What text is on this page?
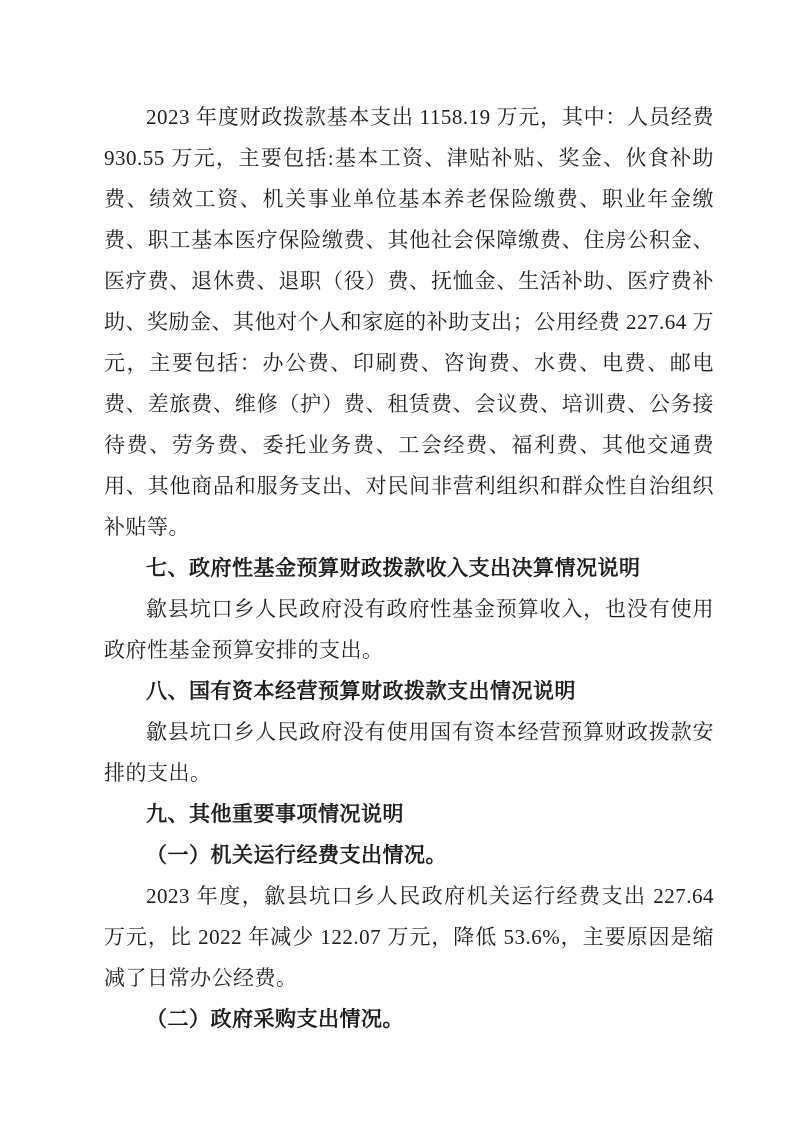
2023 年度财政拨款基本支出 1158.19 万元，其中：人员经费 930.55 万元，主要包括:基本工资、津贴补贴、奖金、伙食补助费、绩效工资、机关事业单位基本养老保险缴费、职业年金缴费、职工基本医疗保险缴费、其他社会保障缴费、住房公积金、医疗费、退休费、退职（役）费、抚恤金、生活补助、医疗费补助、奖励金、其他对个人和家庭的补助支出；公用经费 227.64 万元，主要包括：办公费、印刷费、咨询费、水费、电费、邮电费、差旅费、维修（护）费、租赁费、会议费、培训费、公务接待费、劳务费、委托业务费、工会经费、福利费、其他交通费用、其他商品和服务支出、对民间非营利组织和群众性自治组织补贴等。

七、政府性基金预算财政拨款收入支出决算情况说明

歙县坑口乡人民政府没有政府性基金预算收入，也没有使用政府性基金预算安排的支出。

八、国有资本经营预算财政拨款支出情况说明

歙县坑口乡人民政府没有使用国有资本经营预算财政拨款安排的支出。

九、其他重要事项情况说明

（一）机关运行经费支出情况。

2023 年度，歙县坑口乡人民政府机关运行经费支出 227.64 万元，比 2022 年减少 122.07 万元，降低 53.6%，主要原因是缩减了日常办公经费。

（二）政府采购支出情况。
